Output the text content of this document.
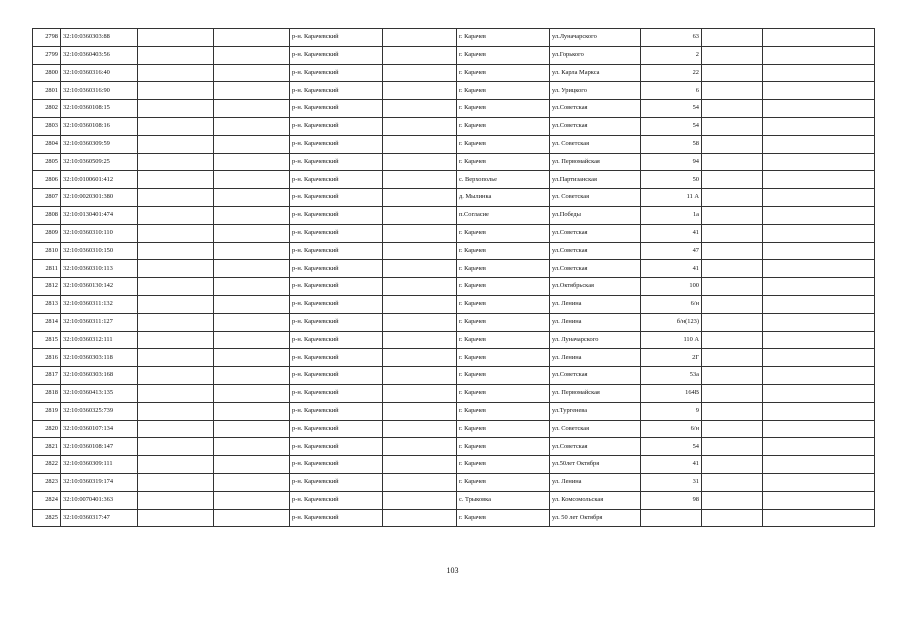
2798	32:10:0360303:88			р-н. Карачевский		г. Карачев	ул.Луначарского	63		
2799	32:10:0360403:56			р-н. Карачевский		г. Карачев	ул.Горького	2		
2800	32:10:0360316:40			р-н. Карачевский		г. Карачев	ул. Карла Маркса	22		
2801	32:10:0360316:90			р-н. Карачевский		г. Карачев	ул. Урицкого	6		
2802	32:10:0360108:15			р-н. Карачевский		г. Карачев	ул.Советская	54		
2803	32:10:0360108:16			р-н. Карачевский		г. Карачев	ул.Советская	54		
2804	32:10:0360309:59			р-н. Карачевский		г. Карачев	ул. Советская	58		
2805	32:10:0360509:25			р-н. Карачевский		г. Карачев	ул. Первомайская	94		
2806	32:10:0100601:412			р-н. Карачевский		с. Верхополье	ул.Партизанская	50		
2807	32:10:0020301:380			р-н. Карачевский		д. Мылинка	ул. Советская	11 А		
2808	32:10:0130401:474			р-н. Карачевский		п.Согласие	ул.Победы	1а		
2809	32:10:0360310:110			р-н. Карачевский		г. Карачев	ул.Советская	41		
2810	32:10:0360310:150			р-н. Карачевский		г. Карачев	ул.Советская	47		
2811	32:10:0360310:113			р-н. Карачевский		г. Карачев	ул.Советская	41		
2812	32:10:0360130:142			р-н. Карачевский		г. Карачев	ул.Октябрьская	100		
2813	32:10:0360311:132			р-н. Карачевский		г. Карачев	ул. Ленина	6/н		
2814	32:10:0360311:127			р-н. Карачевский		г. Карачев	ул. Ленина	б/н(123)		
2815	32:10:0360312:111			р-н. Карачевский		г. Карачев	ул. Луначарского	110 А		
2816	32:10:0360303:118			р-н. Карачевский		г. Карачев	ул. Ленина	2Г		
2817	32:10:0360303:168			р-н. Карачевский		г. Карачев	ул.Советская	53а		
2818	32:10:0360413:135			р-н. Карачевский		г. Карачев	ул. Первомайская	164В		
2819	32:10:0360325:739			р-н. Карачевский		г. Карачев	ул.Тургенева	9		
2820	32:10:0360107:134			р-н. Карачевский		г. Карачев	ул. Советская	6/н		
2821	32:10:0360108:147			р-н. Карачевский		г. Карачев	ул.Советская	54		
2822	32:10:0360309:111			р-н. Карачевский		г. Карачев	ул.50лет Октября	41		
2823	32:10:0360319:174			р-н. Карачевский		г. Карачев	ул. Ленина	31		
2824	32:10:0070401:363			р-н. Карачевский		с. Трыковка	ул. Комсомольская	98		
2825	32:10:0360317:47			р-н. Карачевский		г. Карачев	ул. 50 лет Октября			
103
